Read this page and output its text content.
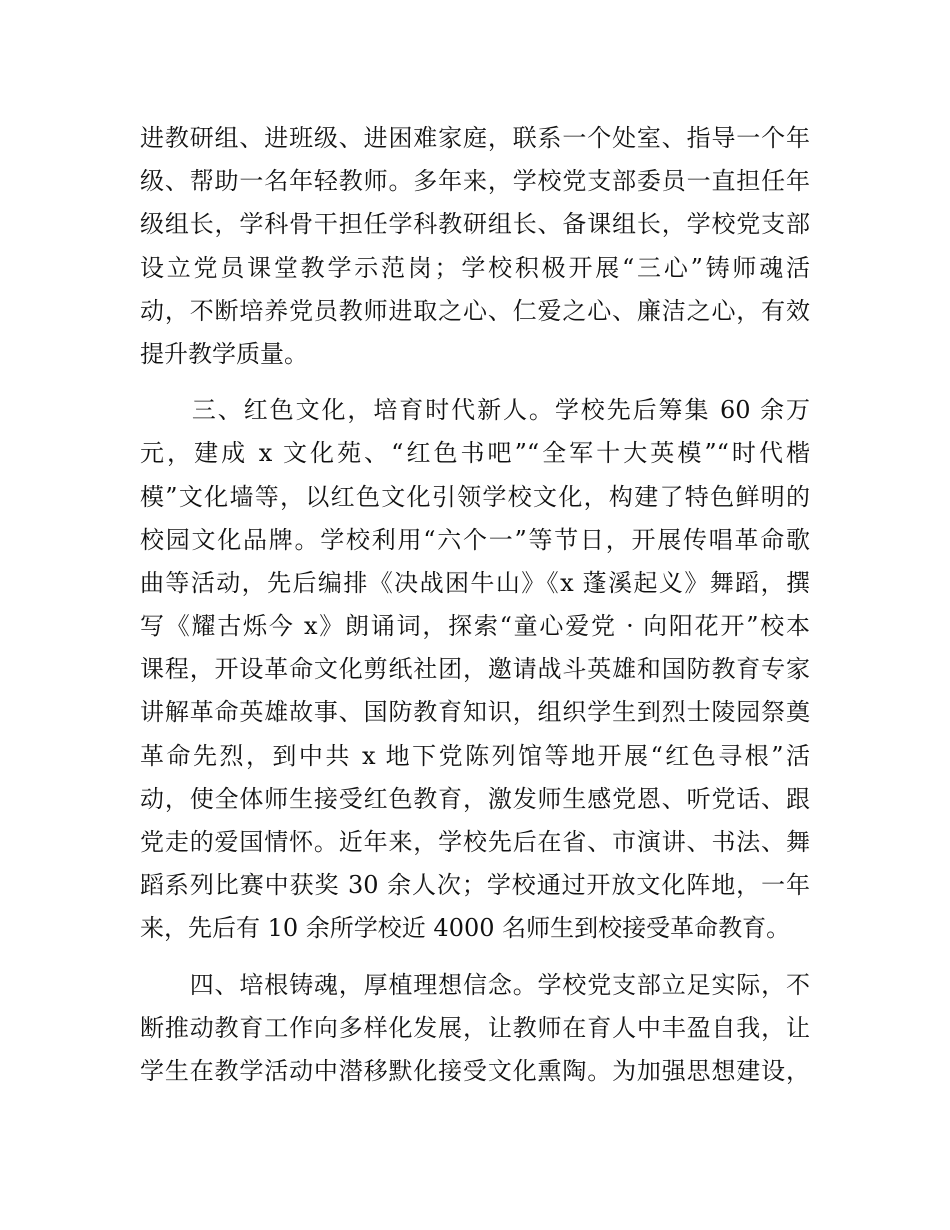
进教研组、进班级、进困难家庭，联系一个处室、指导一个年
级、帮助一名年轻教师。多年来，学校党支部委员一直担任年
级组长，学科骨干担任学科教研组长、备课组长，学校党支部
设立党员课堂教学示范岗；学校积极开展“三心”铸师魂活
动，不断培养党员教师进取之心、仁爱之心、廉洁之心，有效
提升教学质量。
　　三、红色文化，培育时代新人。学校先后筹集 60 余万
元，建成 x 文化苑、“红色书吧”“全军十大英模”“时代楷
模”文化墙等，以红色文化引领学校文化，构建了特色鲜明的
校园文化品牌。学校利用“六个一”等节日，开展传唱革命歌
曲等活动，先后编排《决战困牛山》《x 蓬溪起义》舞蹈，撰
写《耀古烁今 x》朗诵词，探索“童心爱党 · 向阳花开”校本
课程，开设革命文化剪纸社团，邀请战斗英雄和国防教育专家
讲解革命英雄故事、国防教育知识，组织学生到烈士陵园祭奠
革命先烈，到中共 x 地下党陈列馆等地开展“红色寻根”活
动，使全体师生接受红色教育，激发师生感党恩、听党话、跟
党走的爱国情怀。近年来，学校先后在省、市演讲、书法、舞
蹈系列比赛中获奖 30 余人次；学校通过开放文化阵地，一年
来，先后有 10 余所学校近 4000 名师生到校接受革命教育。
　　四、培根铸魂，厚植理想信念。学校党支部立足实际，不
断推动教育工作向多样化发展，让教师在育人中丰盈自我，让
学生在教学活动中潜移默化接受文化熏陶。为加强思想建设，
